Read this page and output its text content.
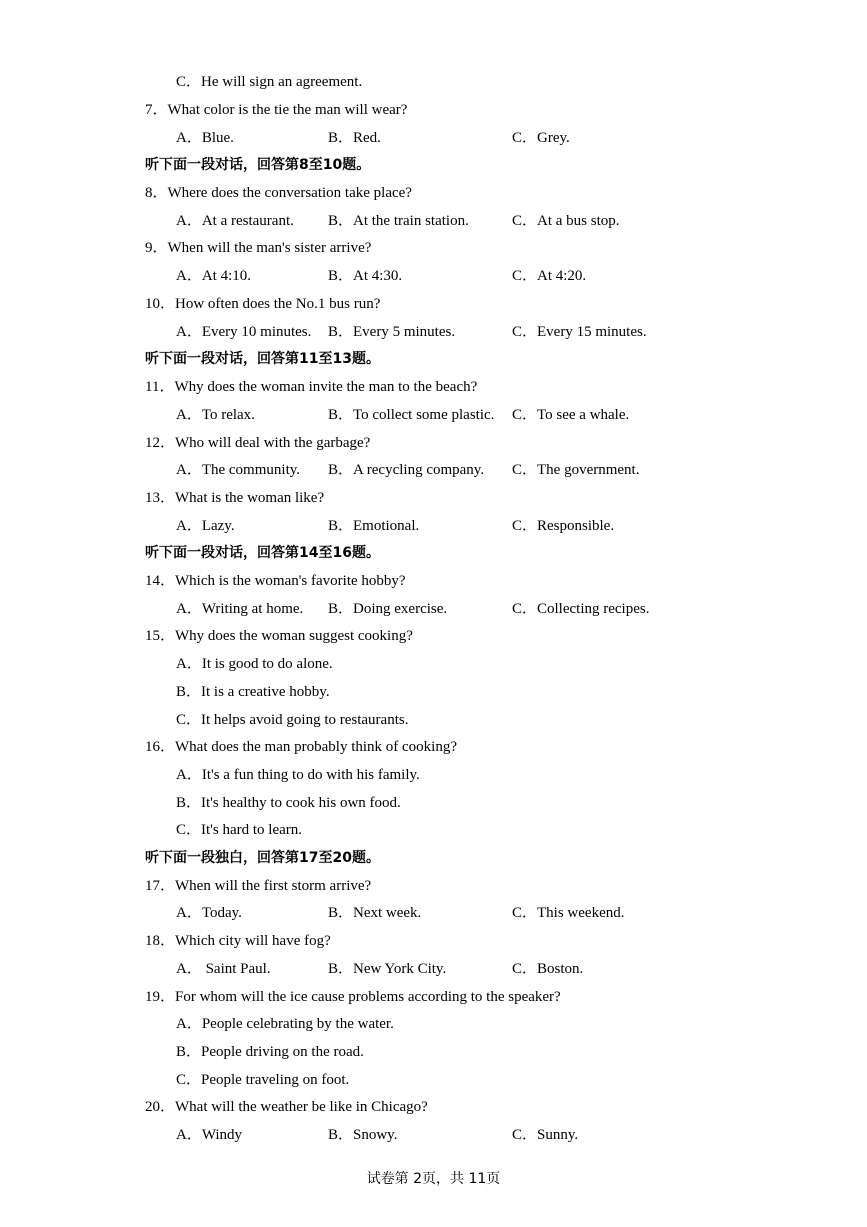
C．He will sign an agreement.
7．What color is the tie the man will wear?
A．Blue.	B．Red.	C．Grey.
听下面一段对话，回答第8至10题。
8．Where does the conversation take place?
A．At a restaurant. B．At the train station.	C．At a bus stop.
9．When will the man's sister arrive?
A．At 4:10.	B．At 4:30.	C．At 4:20.
10．How often does the No.1 bus run?
A．Every 10 minutes. B．Every 5 minutes.	C．Every 15 minutes.
听下面一段对话，回答第11至13题。
11．Why does the woman invite the man to the beach?
A．To relax.	B．To collect some plastic. C．To see a whale.
12．Who will deal with the garbage?
A．The community. B．A recycling company. C．The government.
13．What is the woman like?
A．Lazy.	B．Emotional.	C．Responsible.
听下面一段对话，回答第14至16题。
14．Which is the woman's favorite hobby?
A．Writing at home. B．Doing exercise.	C．Collecting recipes.
15．Why does the woman suggest cooking?
A．It is good to do alone.
B．It is a creative hobby.
C．It helps avoid going to restaurants.
16．What does the man probably think of cooking?
A．It's a fun thing to do with his family.
B．It's healthy to cook his own food.
C．It's hard to learn.
听下面一段独白，回答第17至20题。
17．When will the first storm arrive?
A．Today.	B．Next week.	C．This weekend.
18．Which city will have fog?
A． Saint Paul.	B．New York City.	C．Boston.
19．For whom will the ice cause problems according to the speaker?
A．People celebrating by the water.
B．People driving on the road.
C．People traveling on foot.
20．What will the weather be like in Chicago?
A．Windy	B．Snowy.	C．Sunny.
试卷第 2页，共 11页
